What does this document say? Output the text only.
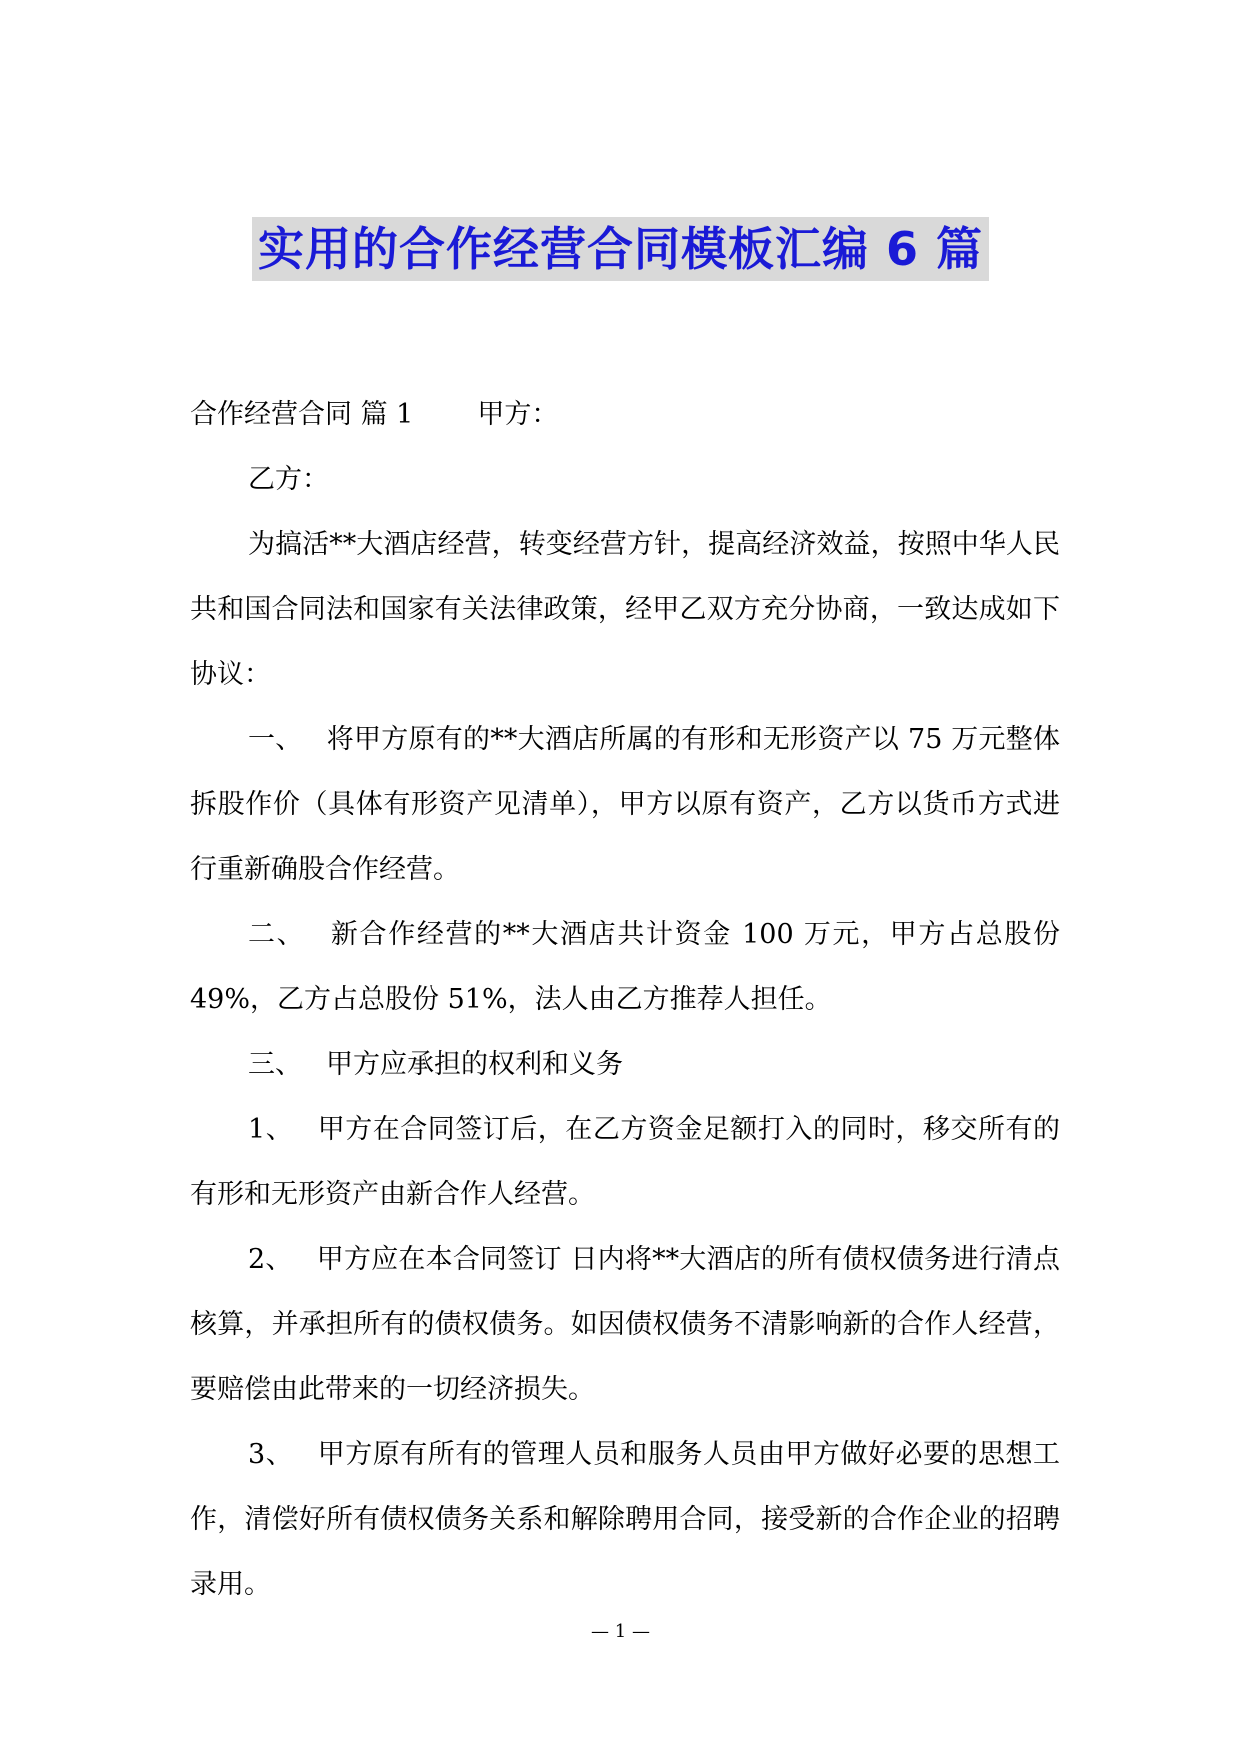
实用的合作经营合同模板汇编 6 篇

合作经营合同 篇 1 甲方：

乙方：

为搞活**大酒店经营，转变经营方针，提高经济效益，按照中华人民共和国合同法和国家有关法律政策，经甲乙双方充分协商，一致达成如下协议：

一、 将甲方原有的**大酒店所属的有形和无形资产以 75 万元整体拆股作价（具体有形资产见清单），甲方以原有资产，乙方以货币方式进行重新确股合作经营。

二、 新合作经营的**大酒店共计资金 100 万元，甲方占总股份 49%，乙方占总股份 51%，法人由乙方推荐人担任。

三、 甲方应承担的权利和义务

1、 甲方在合同签订后，在乙方资金足额打入的同时，移交所有的有形和无形资产由新合作人经营。

2、 甲方应在本合同签订 日内将**大酒店的所有债权债务进行清点核算，并承担所有的债权债务。如因债权债务不清影响新的合作人经营，要赔偿由此带来的一切经济损失。

3、 甲方原有所有的管理人员和服务人员由甲方做好必要的思想工作，清偿好所有债权债务关系和解除聘用合同，接受新的合作企业的招聘录用。

— 1 —
